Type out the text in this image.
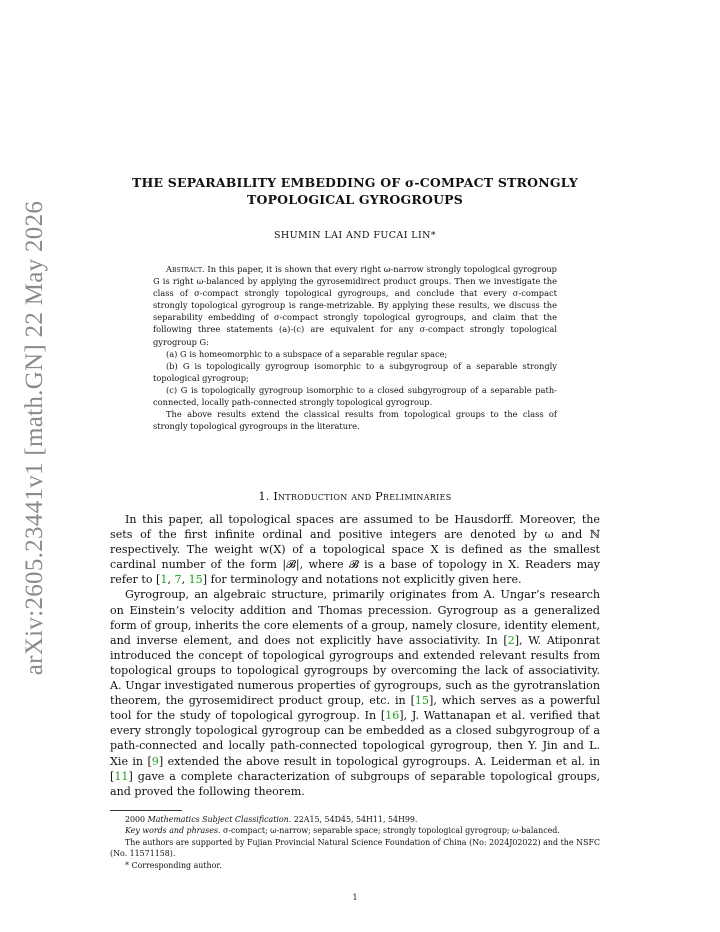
arXiv:2605.23441v1 [math.GN] 22 May 2026
THE SEPARABILITY EMBEDDING OF σ-COMPACT STRONGLY
TOPOLOGICAL GYROGROUPS
SHUMIN LAI AND FUCAI LIN*

Abstract. In this paper, it is shown that every right ω-narrow strongly topological gyrogroup G is right ω-balanced by applying the gyrosemidirect product groups. Then we investigate the class of σ-compact strongly topological gyrogroups, and conclude that every σ-compact strongly topological gyrogroup is range-metrizable. By applying these results, we discuss the separability embedding of σ-compact strongly topological gyrogroups, and claim that the following three statements (a)-(c) are equivalent for any σ-compact strongly topological gyrogroup G:

(a) G is homeomorphic to a subspace of a separable regular space;

(b) G is topologically gyrogroup isomorphic to a subgyrogroup of a separable strongly topological gyrogroup;

(c) G is topologically gyrogroup isomorphic to a closed subgyrogroup of a separable path-connected, locally path-connected strongly topological gyrogroup.

The above results extend the classical results from topological groups to the class of strongly topological gyrogroups in the literature.

1. Introduction and Preliminaries

In this paper, all topological spaces are assumed to be Hausdorff. Moreover, the sets of the first infinite ordinal and positive integers are denoted by ω and ℕ respectively. The weight w(X) of a topological space X is defined as the smallest cardinal number of the form |𝓑|, where 𝓑 is a base of topology in X. Readers may refer to [1, 7, 15] for terminology and notations not explicitly given here.

Gyrogroup, an algebraic structure, primarily originates from A. Ungar’s research on Einstein’s velocity addition and Thomas precession. Gyrogroup as a generalized form of group, inherits the core elements of a group, namely closure, identity element, and inverse element, and does not explicitly have associativity. In [2], W. Atiponrat introduced the concept of topological gyrogroups and extended relevant results from topological groups to topological gyrogroups by overcoming the lack of associativity. A. Ungar investigated numerous properties of gyrogroups, such as the gyrotranslation theorem, the gyrosemidirect product group, etc. in [15], which serves as a powerful tool for the study of topological gyrogroup. In [16], J. Wattanapan et al. verified that every strongly topological gyrogroup can be embedded as a closed subgyrogroup of a path-connected and locally path-connected topological gyrogroup, then Y. Jin and L. Xie in [9] extended the above result in topological gyrogroups. A. Leiderman et al. in [11] gave a complete characterization of subgroups of separable topological groups, and proved the following theorem.

2000 Mathematics Subject Classification. 22A15, 54D45, 54H11, 54H99.

Key words and phrases. σ-compact; ω-narrow; separable space; strongly topological gyrogroup; ω-balanced.

The authors are supported by Fujian Provincial Natural Science Foundation of China (No: 2024J02022) and the NSFC (No. 11571158).

* Corresponding author.

1
